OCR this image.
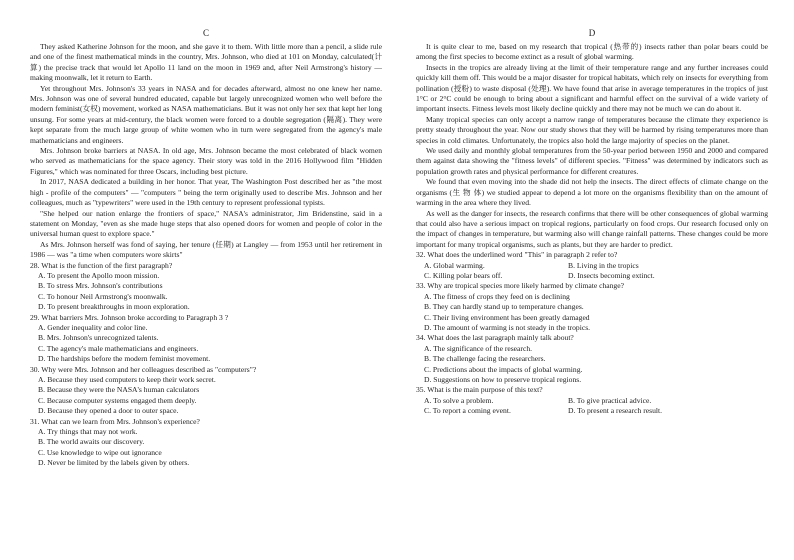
C
They asked Katherine Johnson for the moon, and she gave it to them. With little more than a pencil, a slide rule and one of the finest mathematical minds in the country, Mrs. Johnson, who died at 101 on Monday, calculated(计算) the precise track that would let Apollo 11 land on the moon in 1969 and, after Neil Armstrong's history —making moonwalk, let it return to Earth.
Yet throughout Mrs. Johnson's 33 years in NASA and for decades afterward, almost no one knew her name. Mrs. Johnson was one of several hundred educated, capable but largely unrecognized women who well before the modern feminist(女权) movement, worked as NASA mathematicians. But it was not only her sex that kept her long unsung. For some years at mid-century, the black women were forced to a double segregation (隔离). They were kept separate from the much large group of white women who in turn were segregated from the agency's male mathematicians and engineers.
Mrs. Johnson broke barriers at NASA. In old age, Mrs. Johnson became the most celebrated of black women who served as mathematicians for the space agency. Their story was told in the 2016 Hollywood film "Hidden Figures," which was nominated for three Oscars, including best picture.
In 2017, NASA dedicated a building in her honor. That year, The Washington Post described her as "the most high - profile of the computers" — "computers " being the term originally used to describe Mrs. Johnson and her colleagues, much as "typewriters" were used in the 19th century to represent professional typists.
"She helped our nation enlarge the frontiers of space," NASA's administrator, Jim Bridenstine, said in a statement on Monday, "even as she made huge steps that also opened doors for women and people of color in the universal human quest to explore space."
As Mrs. Johnson herself was fond of saying, her tenure (任期) at Langley — from 1953 until her retirement in 1986 — was "a time when computers wore skirts"
28. What is the function of the first paragraph?
A. To present the Apollo moon mission.
B. To stress Mrs. Johnson's contributions
C. To honour Neil Armstrong's moonwalk.
D. To present breakthroughs in moon exploration.
29. What barriers Mrs. Johnson broke according to Paragraph 3 ?
A. Gender inequality and color line.
B. Mrs. Johnson's unrecognized talents.
C. The agency's male mathematicians and engineers.
D. The hardships before the modern feminist movement.
30. Why were Mrs. Johnson and her colleagues described as "computers"?
A. Because they used computers to keep their work secret.
B. Because they were the NASA's human calculators
C. Because computer systems engaged them deeply.
D. Because they opened a door to outer space.
31. What can we learn from Mrs. Johnson's experience?
A. Try things that may not work.
B. The world awaits our discovery.
C. Use knowledge to wipe out ignorance
D. Never be limited by the labels given by others.
D
It is quite clear to me, based on my research that tropical (热带的) insects rather than polar bears could be among the first species to become extinct as a result of global warming.
Insects in the tropics are already living at the limit of their temperature range and any further increases could quickly kill them off. This would be a major disaster for tropical habitats, which rely on insects for everything from pollination (授粉) to waste disposal (处理). We have found that arise in average temperatures in the tropics of just 1°C or 2°C could be enough to bring about a significant and harmful effect on the survival of a wide variety of important insects. Fitness levels most likely decline quickly and there may not be much we can do about it.
Many tropical species can only accept a narrow range of temperatures because the climate they experience is pretty steady throughout the year. Now our study shows that they will be harmed by rising temperatures more than species in cold climates. Unfortunately, the tropics also hold the large majority of species on the planet.
We used daily and monthly global temperatures from the 50-year period between 1950 and 2000 and compared them against data showing the "fitness levels" of different species. "Fitness" was determined by indicators such as population growth rates and physical performance for different creatures.
We found that even moving into the shade did not help the insects. The direct effects of climate change on the organisms (生 物 体) we studied appear to depend a lot more on the organisms flexibility than on the amount of warming in the area where they lived.
As well as the danger for insects, the research confirms that there will be other consequences of global warming that could also have a serious impact on tropical regions, particularly on food crops. Our research focused only on the impact of changes in temperature, but warming also will change rainfall patterns. These changes could be more important for many tropical organisms, such as plants, but they are harder to predict.
32. What does the underlined word "This" in paragraph 2 refer to?
A. Global warming.	B. Living in the tropics
C. Killing polar bears off.	D. Insects becoming extinct.
33. Why are tropical species more likely harmed by climate change?
A. The fitness of crops they feed on is declining
B. They can hardly stand up to temperature changes.
C. Their living environment has been greatly damaged
D. The amount of warming is not steady in the tropics.
34. What does the last paragraph mainly talk about?
A. The significance of the research.
B. The challenge facing the researchers.
C. Predictions about the impacts of global warming.
D. Suggestions on how to preserve tropical regions.
35. What is the main purpose of this text?
A. To solve a problem.	B. To give practical advice.
C. To report a coming event.	D. To present a research result.
